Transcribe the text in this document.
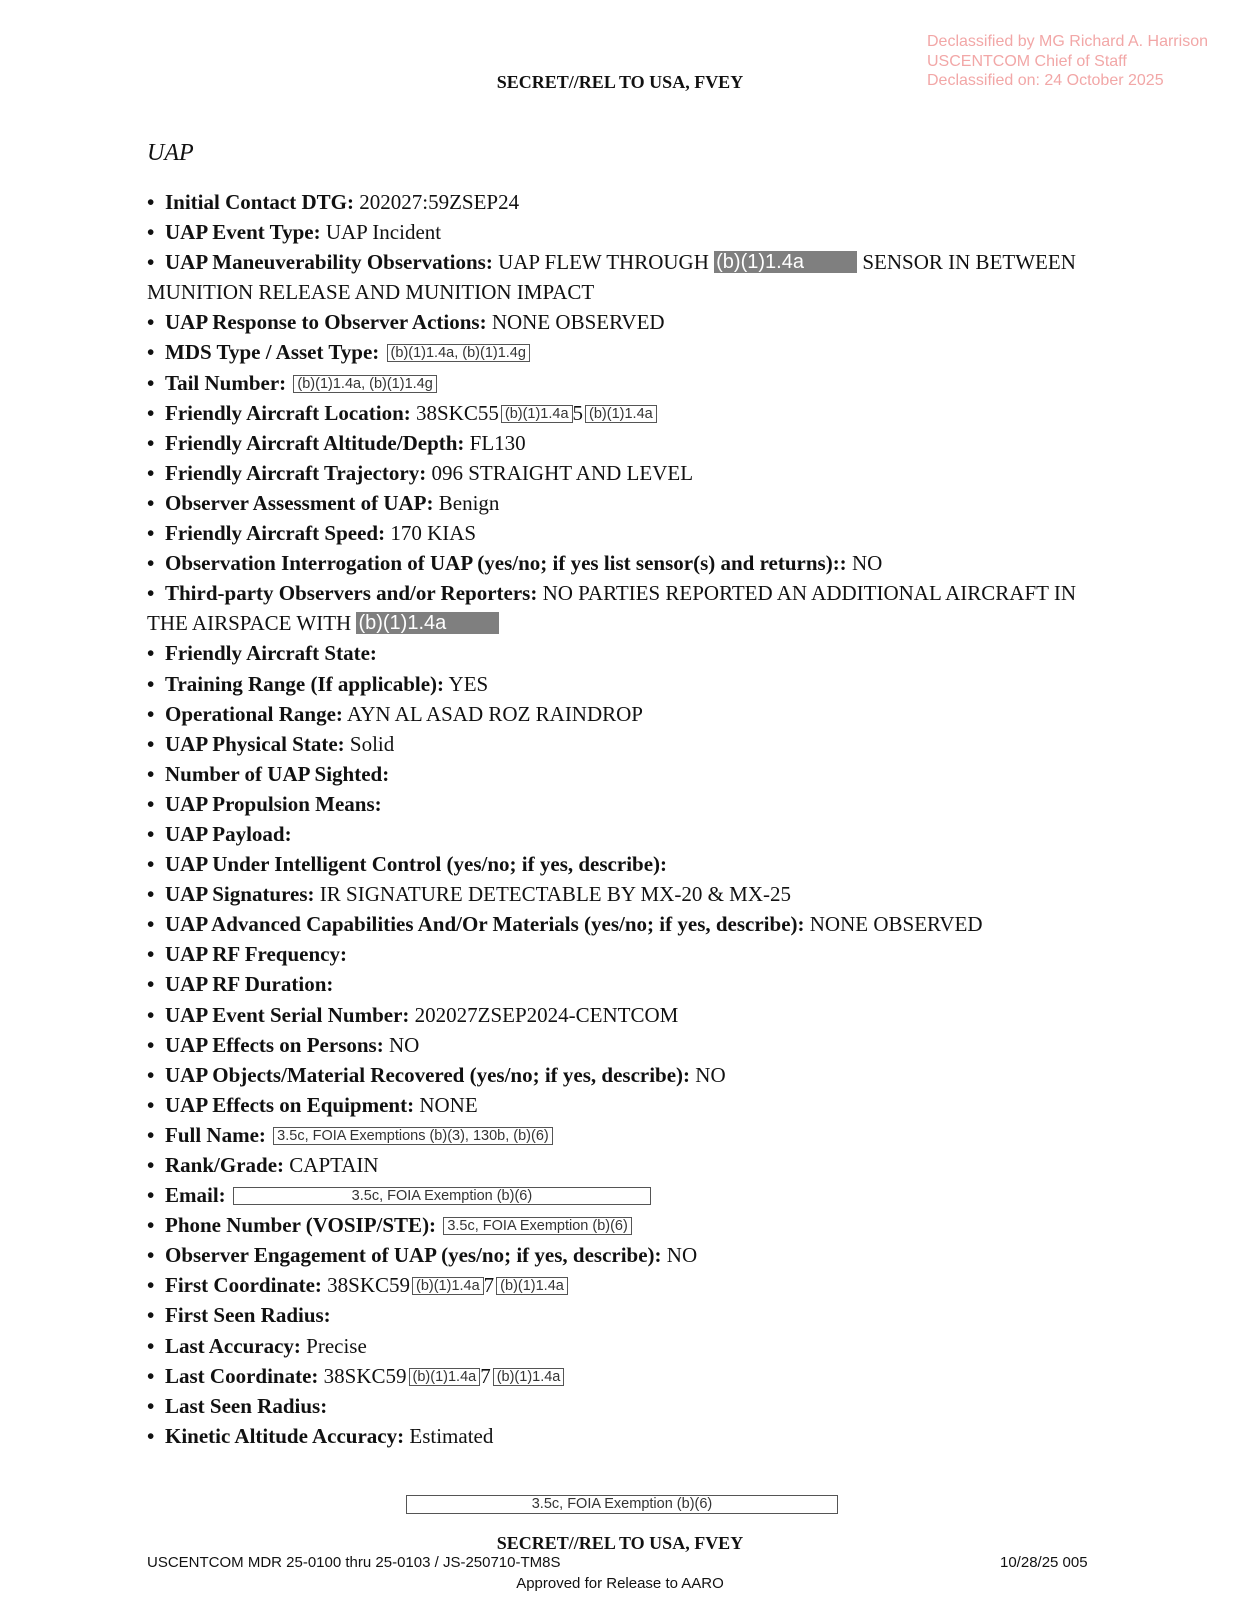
Declassified by MG Richard A. Harrison
USCENTCOM Chief of Staff
Declassified on: 24 October 2025
SECRET//REL TO USA, FVEY
UAP
• Initial Contact DTG: 202027:59ZSEP24
• UAP Event Type: UAP Incident
• UAP Maneuverability Observations: UAP FLEW THROUGH (b)(1)1.4a	SENSOR IN BETWEEN MUNITION RELEASE AND MUNITION IMPACT
• UAP Response to Observer Actions: NONE OBSERVED
• MDS Type / Asset Type: (b)(1)1.4a, (b)(1)1.4g
• Tail Number: (b)(1)1.4a, (b)(1)1.4g
• Friendly Aircraft Location: 38SKC55 (b)(1)1.4a 5 (b)(1)1.4a
• Friendly Aircraft Altitude/Depth: FL130
• Friendly Aircraft Trajectory: 096 STRAIGHT AND LEVEL
• Observer Assessment of UAP: Benign
• Friendly Aircraft Speed: 170 KIAS
• Observation Interrogation of UAP (yes/no; if yes list sensor(s) and returns):: NO
• Third-party Observers and/or Reporters: NO PARTIES REPORTED AN ADDITIONAL AIRCRAFT IN THE AIRSPACE WITH (b)(1)1.4a
• Friendly Aircraft State:
• Training Range (If applicable): YES
• Operational Range: AYN AL ASAD ROZ RAINDROP
• UAP Physical State: Solid
• Number of UAP Sighted:
• UAP Propulsion Means:
• UAP Payload:
• UAP Under Intelligent Control (yes/no; if yes, describe):
• UAP Signatures: IR SIGNATURE DETECTABLE BY MX-20 & MX-25
• UAP Advanced Capabilities And/Or Materials (yes/no; if yes, describe): NONE OBSERVED
• UAP RF Frequency:
• UAP RF Duration:
• UAP Event Serial Number: 202027ZSEP2024-CENTCOM
• UAP Effects on Persons: NO
• UAP Objects/Material Recovered (yes/no; if yes, describe): NO
• UAP Effects on Equipment: NONE
• Full Name: 3.5c, FOIA Exemptions (b)(3), 130b, (b)(6)
• Rank/Grade: CAPTAIN
• Email:	3.5c, FOIA Exemption (b)(6)
• Phone Number (VOSIP/STE): 3.5c, FOIA Exemption (b)(6)
• Observer Engagement of UAP (yes/no; if yes, describe): NO
• First Coordinate: 38SKC59 (b)(1)1.4a 7 (b)(1)1.4a
• First Seen Radius:
• Last Accuracy: Precise
• Last Coordinate: 38SKC59 (b)(1)1.4a 7 (b)(1)1.4a
• Last Seen Radius:
• Kinetic Altitude Accuracy: Estimated
3.5c, FOIA Exemption (b)(6)
SECRET//REL TO USA, FVEY
USCENTCOM MDR 25-0100 thru 25-0103 / JS-250710-TM8S	10/28/25 005
Approved for Release to AARO
